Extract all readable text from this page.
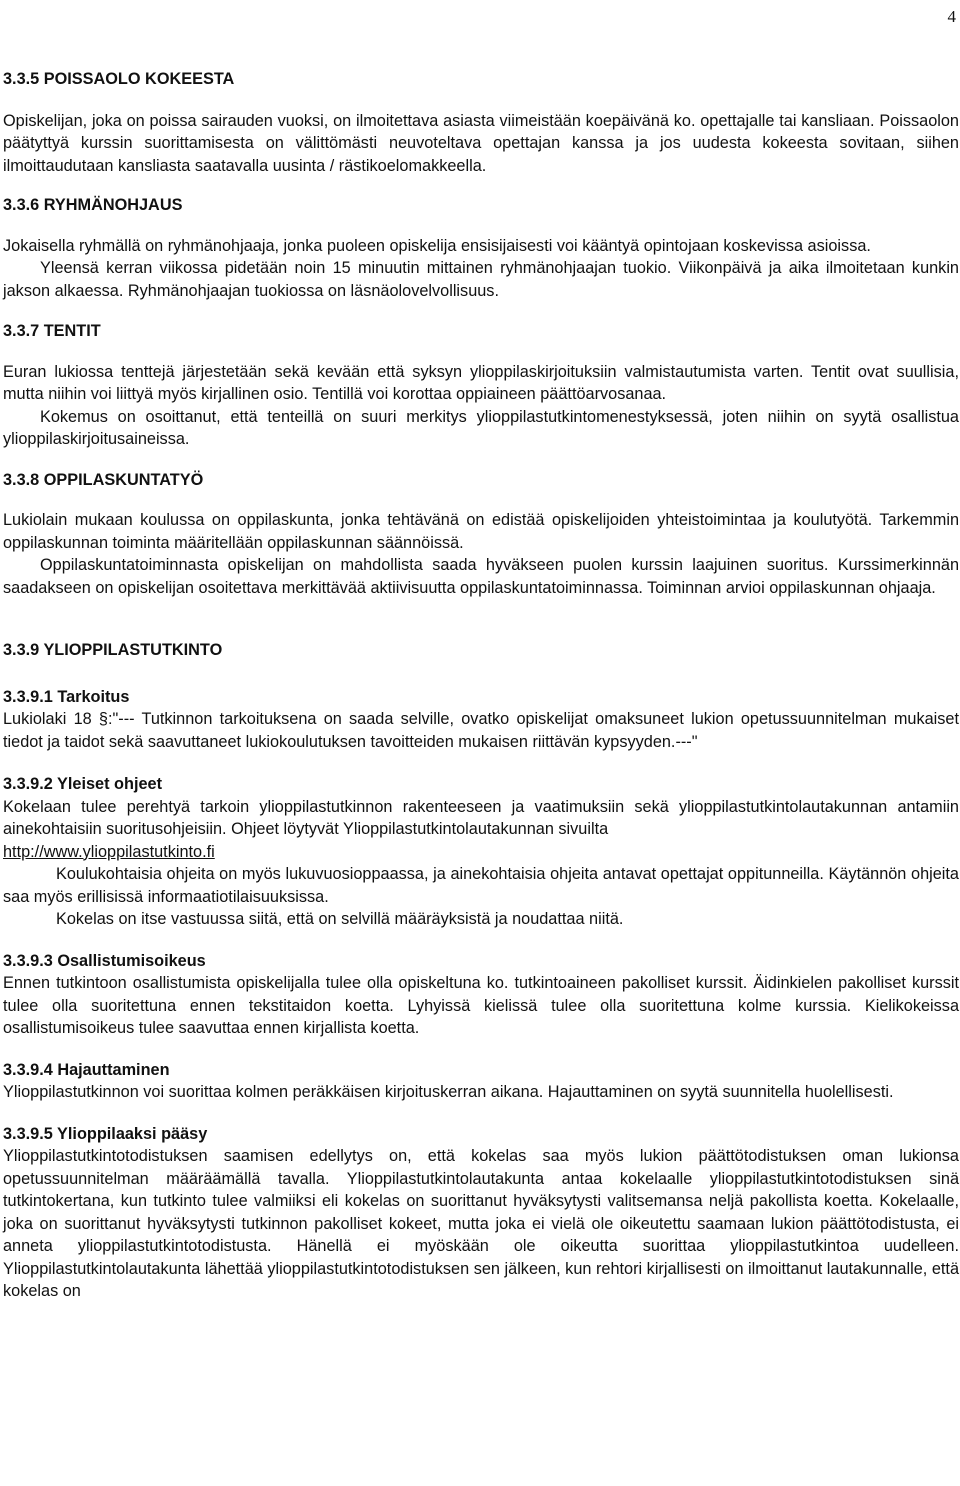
4

3.3.5 POISSAOLO KOKEESTA

Opiskelijan, joka on poissa sairauden vuoksi, on ilmoitettava asiasta viimeistään koepäivänä ko. opettajalle tai kansliaan. Poissaolon päätyttyä kurssin suorittamisesta on välittömästi neuvoteltava opettajan kanssa ja jos uudesta kokeesta sovitaan, siihen ilmoittaudutaan kansliasta saatavalla uusinta / rästikoelomakkeella.

3.3.6 RYHMÄNOHJAUS

Jokaisella ryhmällä on ryhmänohjaaja, jonka puoleen opiskelija ensisijaisesti voi kääntyä opintojaan koskevissa asioissa.

Yleensä kerran viikossa pidetään noin 15 minuutin mittainen ryhmänohjaajan tuokio. Viikonpäivä ja aika ilmoitetaan kunkin jakson alkaessa. Ryhmänohjaajan tuokiossa on läsnäolovelvollisuus.

3.3.7 TENTIT

Euran lukiossa tenttejä järjestetään sekä kevään että syksyn ylioppilaskirjoituksiin valmistautumista varten. Tentit ovat suullisia, mutta niihin voi liittyä myös kirjallinen osio. Tentillä voi korottaa oppiaineen päättöarvosanaa.

Kokemus on osoittanut, että tenteillä on suuri merkitys ylioppilastutkintomenestyksessä, joten niihin on syytä osallistua ylioppilaskirjoitusaineissa.

3.3.8 OPPILASKUNTATYÖ

Lukiolain mukaan koulussa on oppilaskunta, jonka tehtävänä on edistää opiskelijoiden yhteistoimintaa ja koulutyötä. Tarkemmin oppilaskunnan toiminta määritellään oppilaskunnan säännöissä.

Oppilaskuntatoiminnasta opiskelijan on mahdollista saada hyväkseen puolen kurssin laajuinen suoritus. Kurssimerkinnän saadakseen on opiskelijan osoitettava merkittävää aktiivisuutta oppilaskuntatoiminnassa. Toiminnan arvioi oppilaskunnan ohjaaja.

3.3.9 YLIOPPILASTUTKINTO

3.3.9.1 Tarkoitus

Lukiolaki 18 §:"--- Tutkinnon tarkoituksena on saada selville, ovatko opiskelijat omaksuneet lukion opetussuunnitelman mukaiset tiedot ja taidot sekä saavuttaneet lukiokoulutuksen tavoitteiden mukaisen riittävän kypsyyden.---"

3.3.9.2 Yleiset ohjeet

Kokelaan tulee perehtyä tarkoin ylioppilastutkinnon rakenteeseen ja vaatimuksiin sekä ylioppilastutkintolautakunnan antamiin ainekohtaisiin suoritusohjeisiin. Ohjeet löytyvät Ylioppilastutkintolautakunnan sivuilta

http://www.ylioppilastutkinto.fi

Koulukohtaisia ohjeita on myös lukuvuosioppaassa, ja ainekohtaisia ohjeita antavat opettajat oppitunneilla. Käytännön ohjeita saa myös erillisissä informaatiotilaisuuksissa.

Kokelas on itse vastuussa siitä, että on selvillä määräyksistä ja noudattaa niitä.

3.3.9.3 Osallistumisoikeus

Ennen tutkintoon osallistumista opiskelijalla tulee olla opiskeltuna ko. tutkintoaineen pakolliset kurssit. Äidinkielen pakolliset kurssit tulee olla suoritettuna ennen tekstitaidon koetta. Lyhyissä kielissä tulee olla suoritettuna kolme kurssia. Kielikokeissa osallistumisoikeus tulee saavuttaa ennen kirjallista koetta.

3.3.9.4 Hajauttaminen

Ylioppilastutkinnon voi suorittaa kolmen peräkkäisen kirjoituskerran aikana. Hajauttaminen on syytä suunnitella huolellisesti.

3.3.9.5 Ylioppilaaksi pääsy

Ylioppilastutkintotodistuksen saamisen edellytys on, että kokelas saa myös lukion päättötodistuksen oman lukionsa opetussuunnitelman määräämällä tavalla. Ylioppilastutkintolautakunta antaa kokelaalle ylioppilastutkintotodistuksen sinä tutkintokertana, kun tutkinto tulee valmiiksi eli kokelas on suorittanut hyväksytysti valitsemansa neljä pakollista koetta. Kokelaalle, joka on suorittanut hyväksytysti tutkinnon pakolliset kokeet, mutta joka ei vielä ole oikeutettu saamaan lukion päättötodistusta, ei anneta ylioppilastutkintotodistusta. Hänellä ei myöskään ole oikeutta suorittaa ylioppilastutkintoa uudelleen. Ylioppilastutkintolautakunta lähettää ylioppilastutkintotodistuksen sen jälkeen, kun rehtori kirjallisesti on ilmoittanut lautakunnalle, että kokelas on
